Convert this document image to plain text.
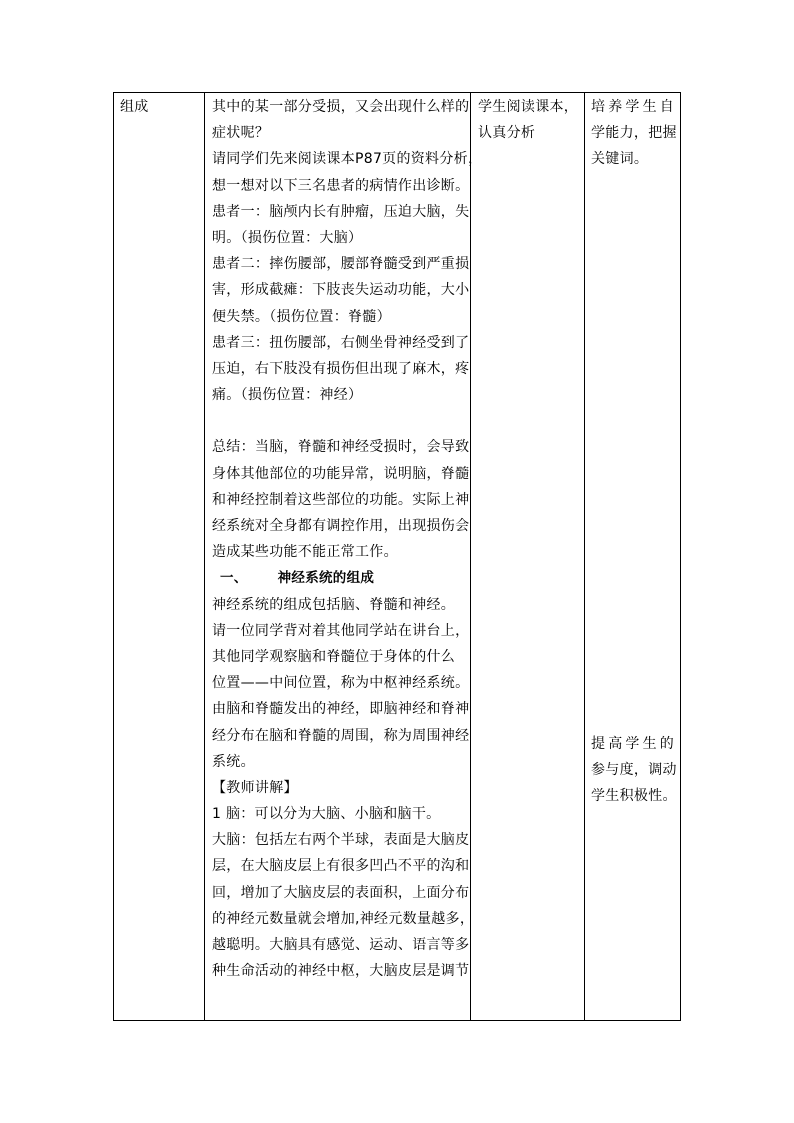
组成	其中的某一部分受损，又会出现什么样的
症状呢？
请同学们先来阅读课本P87页的资料分析，
想一想对以下三名患者的病情作出诊断。
患者一：脑颅内长有肿瘤，压迫大脑，失
明。（损伤位置：大脑）
患者二：摔伤腰部，腰部脊髓受到严重损
害，形成截瘫：下肢丧失运动功能，大小
便失禁。（损伤位置：脊髓）
患者三：扭伤腰部，右侧坐骨神经受到了
压迫，右下肢没有损伤但出现了麻木，疼
痛。（损伤位置：神经）
总结：当脑，脊髓和神经受损时，会导致
身体其他部位的功能异常，说明脑，脊髓
和神经控制着这些部位的功能。实际上神
经系统对全身都有调控作用，出现损伤会
造成某些功能不能正常工作。
一、      神经系统的组成
神经系统的组成包括脑、脊髓和神经。
请一位同学背对着其他同学站在讲台上，
其他同学观察脑和脊髓位于身体的什么
位置——中间位置，称为中枢神经系统。
由脑和脊髓发出的神经，即脑神经和脊神
经分布在脑和脊髓的周围，称为周围神经
系统。
【教师讲解】
1 脑：可以分为大脑、小脑和脑干。
大脑：包括左右两个半球，表面是大脑皮
层，在大脑皮层上有很多凹凸不平的沟和
回，增加了大脑皮层的表面积，上面分布
的神经元数量就会增加,神经元数量越多，
越聪明。大脑具有感觉、运动、语言等多
种生命活动的神经中枢，大脑皮层是调节
学生阅读课本，
认真分析
培养学生自
学能力，把握
关键词。
提高学生的
参与度，调动
学生积极性。
